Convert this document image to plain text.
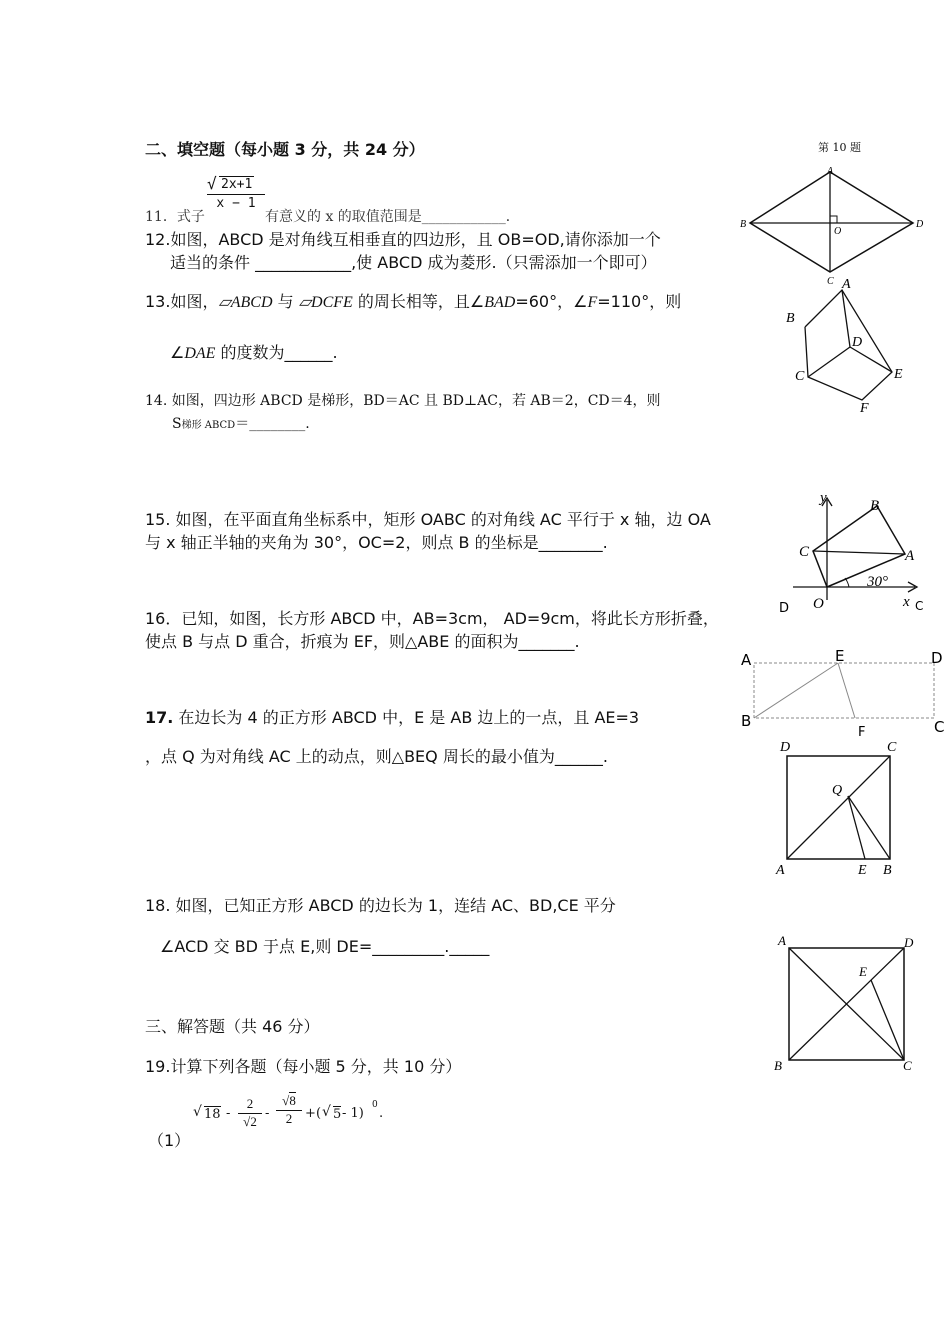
二、填空题（每小题 3 分，共 24 分）	第 10 题
11．式子
$\frac{√ 2x+1}{x - 1}$
有意义的 x 的取值范围是____________．
12.如图，ABCD 是对角线互相垂直的四边形，且 OB=OD,请你添加一个
适当的条件 ____________,使 ABCD 成为菱形.（只需添加一个即可）
13.如图，▱ABCD 与 ▱DCFE 的周长相等，且∠BAD=60°，∠F=110°，则
∠DAE 的度数为______.
14. 如图，四边形 ABCD 是梯形，BD＝AC 且 BD⊥AC，若 AB＝2，CD＝4，则
S梯形 ABCD＝________.
15. 如图，在平面直角坐标系中，矩形 OABC 的对角线 AC 平行于 x 轴，边 OA
与 x 轴正半轴的夹角为 30°，OC=2，则点 B 的坐标是________.
16．已知，如图，长方形 ABCD 中，AB=3cm， AD=9cm，将此长方形折叠，
使点 B 与点 D 重合，折痕为 EF，则△ABE 的面积为_______.
17. 在边长为 4 的正方形 ABCD 中，E 是 AB 边上的一点，且 AE=3
，点 Q 为对角线 AC 上的动点，则△BEQ 周长的最小值为______.
18. 如图，已知正方形 ABCD 的边长为 1，连结 AC、BD,CE 平分
∠ACD 交 BD 于点 E,则 DE=_________._____
三、解答题（共 46 分）
19.计算下列各题（每小题 5 分，共 10 分）
（1）
√ 18 -
2
√2
-
√8
2 + ( √ 5 - 1)
0
.
A
B
C
D
O
A
B
C
D
E
F
y
x
B
C	A
O
30°
D	C
A	E	D
B
F	C
D	C
Q
A	E B
A	D
E
B	C
